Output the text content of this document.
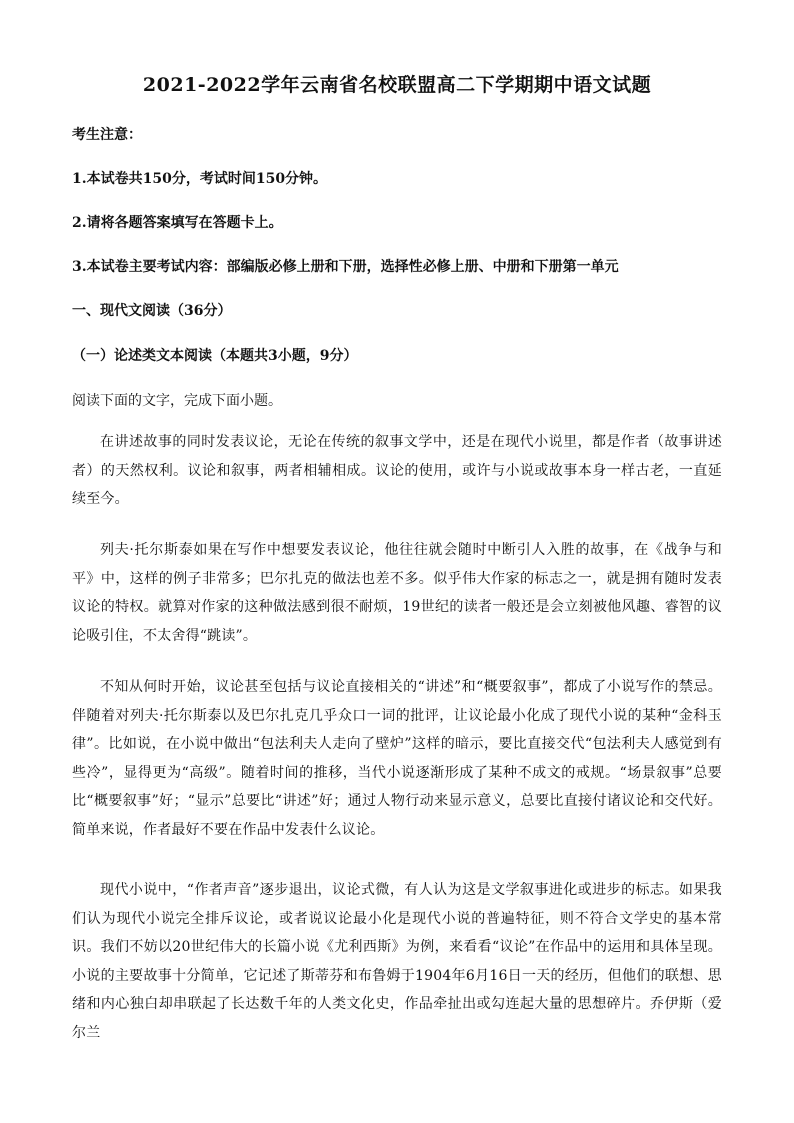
2021-2022学年云南省名校联盟高二下学期期中语文试题
考生注意：
1.本试卷共150分，考试时间150分钟。
2.请将各题答案填写在答题卡上。
3.本试卷主要考试内容：部编版必修上册和下册，选择性必修上册、中册和下册第一单元
一、现代文阅读（36分）
（一）论述类文本阅读（本题共3小题，9分）
阅读下面的文字，完成下面小题。
在讲述故事的同时发表议论，无论在传统的叙事文学中，还是在现代小说里，都是作者（故事讲述者）的天然权利。议论和叙事，两者相辅相成。议论的使用，或许与小说或故事本身一样古老，一直延续至今。
列夫·托尔斯泰如果在写作中想要发表议论，他往往就会随时中断引人入胜的故事，在《战争与和平》中，这样的例子非常多；巴尔扎克的做法也差不多。似乎伟大作家的标志之一，就是拥有随时发表议论的特权。就算对作家的这种做法感到很不耐烦，19世纪的读者一般还是会立刻被他风趣、睿智的议论吸引住，不太舍得“跳读”。
不知从何时开始，议论甚至包括与议论直接相关的“讲述”和“概要叙事”，都成了小说写作的禁忌。伴随着对列夫·托尔斯泰以及巴尔扎克几乎众口一词的批评，让议论最小化成了现代小说的某种“金科玉律”。比如说，在小说中做出“包法利夫人走向了壁炉”这样的暗示，要比直接交代“包法利夫人感觉到有些冷”，显得更为“高级”。随着时间的推移，当代小说逐渐形成了某种不成文的戒规。“场景叙事”总要比“概要叙事”好；“显示”总要比“讲述”好；通过人物行动来显示意义，总要比直接付诸议论和交代好。简单来说，作者最好不要在作品中发表什么议论。
现代小说中，“作者声音”逐步退出，议论式微，有人认为这是文学叙事进化或进步的标志。如果我们认为现代小说完全排斥议论，或者说议论最小化是现代小说的普遍特征，则不符合文学史的基本常识。我们不妨以20世纪伟大的长篇小说《尤利西斯》为例，来看看“议论”在作品中的运用和具体呈现。小说的主要故事十分简单，它记述了斯蒂芬和布鲁姆于1904年6月16日一天的经历，但他们的联想、思绪和内心独白却串联起了长达数千年的人类文化史，作品牵扯出或勾连起大量的思想碎片。乔伊斯（爱尔兰
